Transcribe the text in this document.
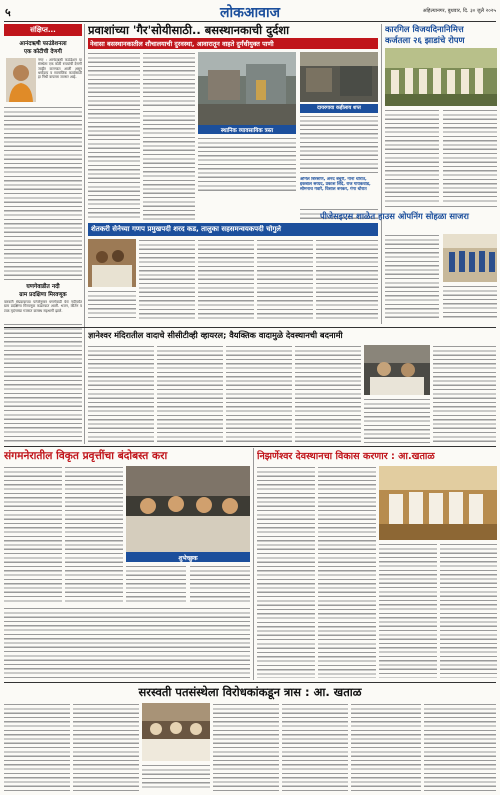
५	लोकआवाज	अहिल्यानगर, बुधवार, दि. ३० जुलै २०२५
संक्षिप्त...
आनंदऋषी फाउंडेशनला
एक कोटीची देणगी
नगर : आनंदऋषी फाउंडेशन या संस्थेला एक कोटी रुपयांची देणगी जाहीर करण्यात आली असून धर्मादाय व सामाजिक कार्यासाठी हा निधी वापरला जाणार आहे.
घणगेवाडीत नदी
ग्राम प्रदक्षिणा मिरवणूक
वारकरी संप्रदायाच्या परंपरेनुसार घणगेवाडी येथे नदीपर्यंत ग्राम प्रदक्षिणा मिरवणूक काढण्यात आली. भजन, कीर्तन व टाळ मृदंगाच्या गजरात ग्रामस्थ सहभागी झाले.
प्रवाशांच्या 'गैर'सोयीसाठी.. बसस्थानकाची दुर्दशा
नेवासा बसस्थानकातील शौचालयाची दुरवस्था, आवारातून वाहते दुर्गंधीयुक्त पाणी
स्थानिक व्यावसायिक त्रस्त
दायरगावा कहीलाय शप्त
अनिल बिरसाण, अनंद बचुरी, नाना थोरात, इकबाल सय्यद, प्रकाश शिंदे, राज गायकवाड, सोमनाथ गवारे, विशाल बनकर, गंगा थोरात
शेतकरी सेनेच्या गणप प्रमुखपदी शरद कड, तालुका सहसमन्वयकपदी चोगुले
कारगिल विजयदिनानिमित्त
कर्जतला २६ झाडांचे रोपण
पीजेसइएस शाळेत हाउस ओपनिंग सोहळा साजरा
ज्ञानेश्वर मंदिरातील वादाचे सीसीटीव्ही व्हायरल; वैयक्तिक वादामुळे देवस्थानची बदनामी
संगमनेरातील विकृत प्रवृत्तींचा बंदोबस्त करा
शुभेच्छुक
निझर्णेश्वर देवस्थानचा विकास करणार : आ.खताळ
सरस्वती पतसंस्थेला विरोधकांकडून त्रास : आ. खताळ
